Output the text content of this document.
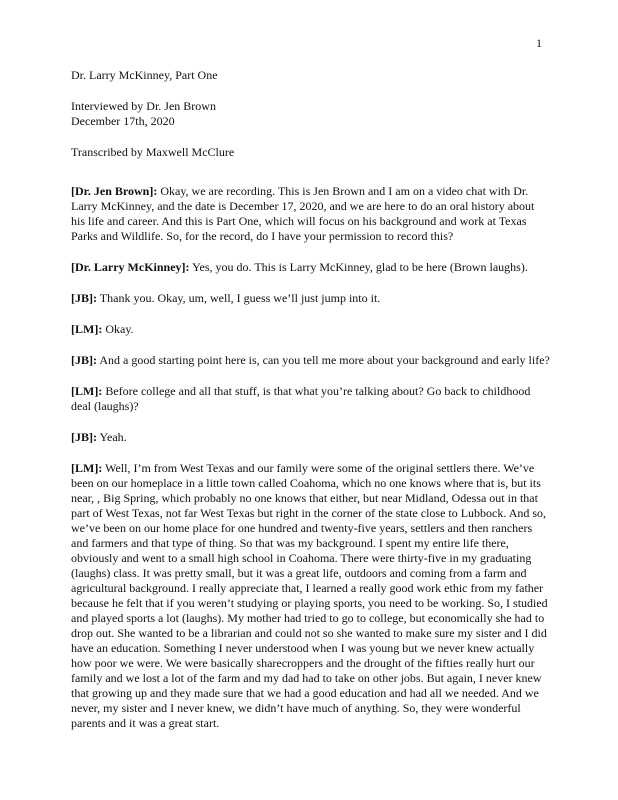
1
Dr. Larry McKinney, Part One
Interviewed by Dr. Jen Brown
December 17th, 2020
Transcribed by Maxwell McClure

[Dr. Jen Brown]: Okay, we are recording. This is Jen Brown and I am on a video chat with Dr. Larry McKinney, and the date is December 17, 2020, and we are here to do an oral history about his life and career. And this is Part One, which will focus on his background and work at Texas Parks and Wildlife. So, for the record, do I have your permission to record this?

[Dr. Larry McKinney]: Yes, you do. This is Larry McKinney, glad to be here (Brown laughs).

[JB]: Thank you. Okay, um, well, I guess we’ll just jump into it.

[LM]: Okay.

[JB]: And a good starting point here is, can you tell me more about your background and early life?

[LM]: Before college and all that stuff, is that what you’re talking about? Go back to childhood deal (laughs)?

[JB]: Yeah.

[LM]: Well, I’m from West Texas and our family were some of the original settlers there. We’ve been on our homeplace in a little town called Coahoma, which no one knows where that is, but its near, , Big Spring, which probably no one knows that either, but near Midland, Odessa out in that part of West Texas, not far West Texas but right in the corner of the state close to Lubbock. And so, we’ve been on our home place for one hundred and twenty-five years, settlers and then ranchers and farmers and that type of thing. So that was my background. I spent my entire life there, obviously and went to a small high school in Coahoma. There were thirty-five in my graduating (laughs) class. It was pretty small, but it was a great life, outdoors and coming from a farm and agricultural background. I really appreciate that, I learned a really good work ethic from my father because he felt that if you weren’t studying or playing sports, you need to be working. So, I studied and played sports a lot (laughs). My mother had tried to go to college, but economically she had to drop out. She wanted to be a librarian and could not so she wanted to make sure my sister and I did have an education. Something I never understood when I was young but we never knew actually how poor we were. We were basically sharecroppers and the drought of the fifties really hurt our family and we lost a lot of the farm and my dad had to take on other jobs. But again, I never knew that growing up and they made sure that we had a good education and had all we needed. And we never, my sister and I never knew, we didn’t have much of anything. So, they were wonderful parents and it was a great start.
